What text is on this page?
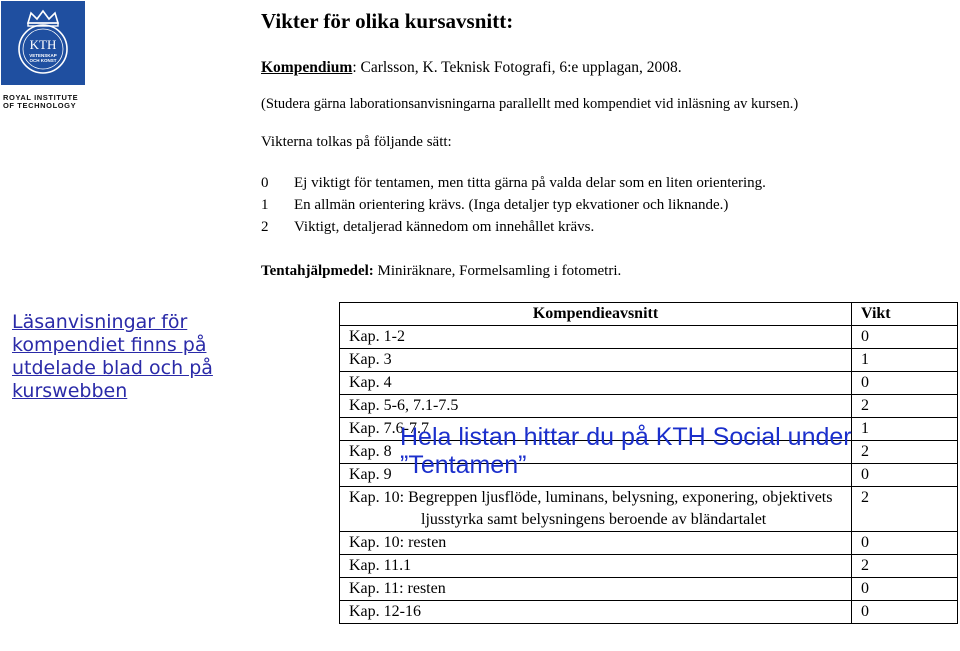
KTH
VETENSKAP
OCH KONST
ROYAL INSTITUTE
OF TECHNOLOGY
Vikter för olika kursavsnitt:
Kompendium: Carlsson, K. Teknisk Fotografi, 6:e upplagan, 2008.
(Studera gärna laborationsanvisningarna parallellt med kompendiet vid inläsning av kursen.)
Vikterna tolkas på följande sätt:
0 Ej viktigt för tentamen, men titta gärna på valda delar som en liten orientering.
1 En allmän orientering krävs. (Inga detaljer typ ekvationer och liknande.)
2 Viktigt, detaljerad kännedom om innehållet krävs.
Tentahjälpmedel: Miniräknare, Formelsamling i fotometri.
Läsanvisningar för kompendiet finns på utdelade blad och på kurswebben
Kompendieavsnitt	Vikt
Kap. 1-2	0
Kap. 3	1
Kap. 4	0
Kap. 5-6, 7.1-7.5	2
Kap. 7.6-7.7	1
Kap. 8	2
Kap. 9	0

Kap. 10: Begreppen ljusflöde, luminans, belysning, exponering, objektivets ljusstyrka samt belysningens beroende av bländartalet	2
Kap. 10: resten	0
Kap. 11.1	2
Kap. 11: resten	0
Kap. 12-16	0
Hela listan hittar du på KTH Social under ”Tentamen”
